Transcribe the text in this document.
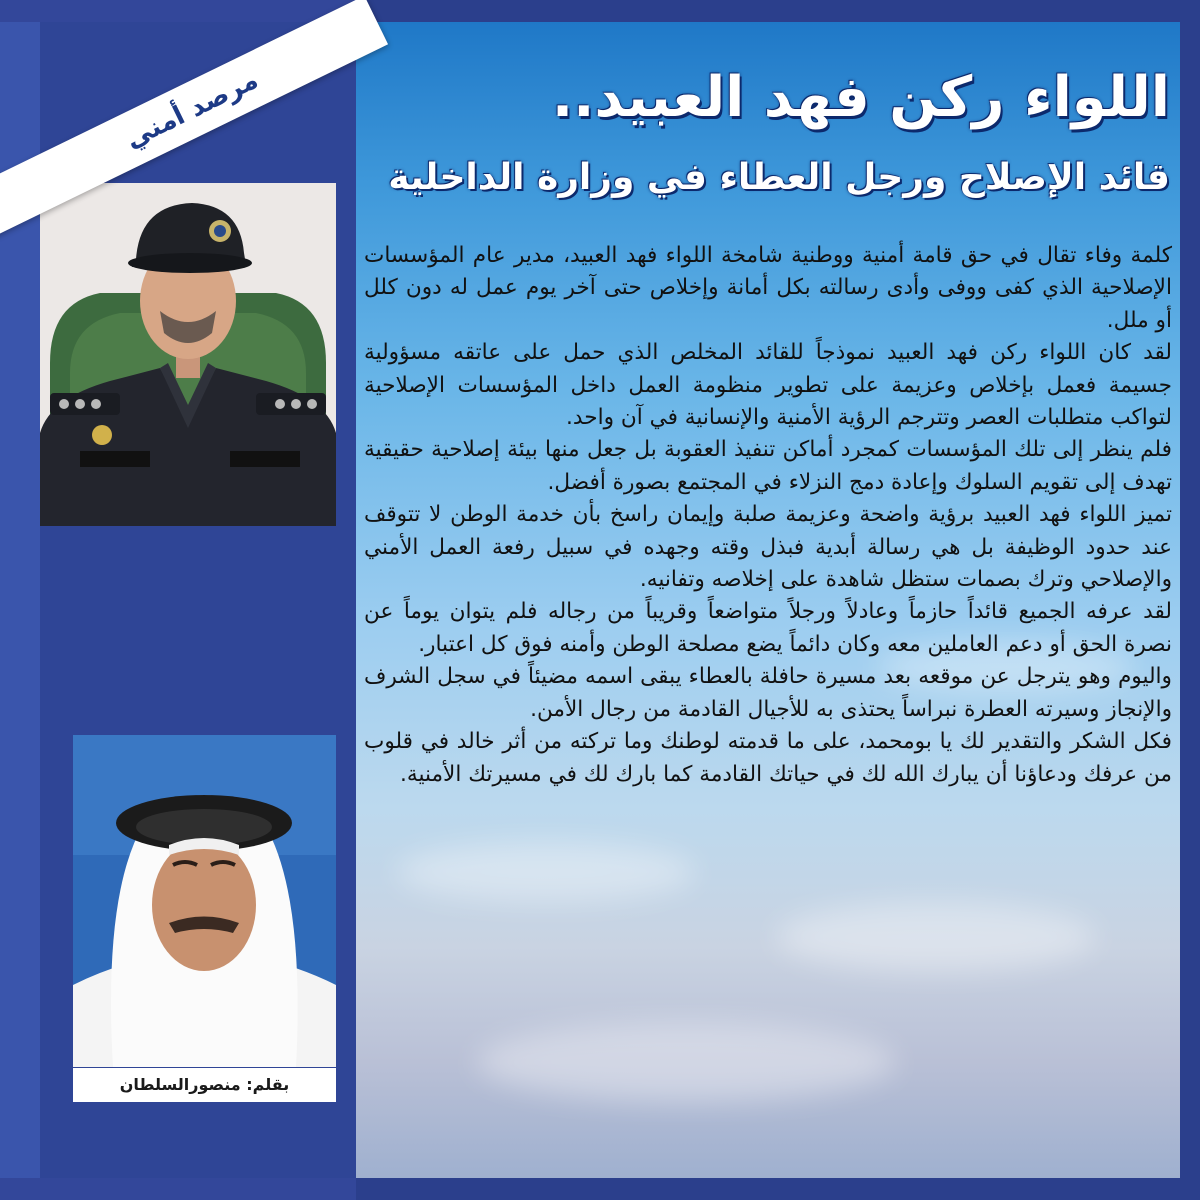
بقلم: منصورالسلطان
مرصد أمني	اللواء ركن فهد العبيد..
قائد الإصلاح ورجل العطاء في وزارة الداخلية

كلمة وفاء تقال في حق قامة أمنية ووطنية شامخة اللواء فهد العبيد، مدير عام المؤسسات الإصلاحية الذي كفى ووفى وأدى رسالته بكل أمانة وإخلاص حتى آخر يوم عمل له دون كلل أو ملل.

لقد كان اللواء ركن فهد العبيد نموذجاً للقائد المخلص الذي حمل على عاتقه مسؤولية جسيمة فعمل بإخلاص وعزيمة على تطوير منظومة العمل داخل المؤسسات الإصلاحية لتواكب متطلبات العصر وتترجم الرؤية الأمنية والإنسانية في آن واحد.

فلم ينظر إلى تلك المؤسسات كمجرد أماكن تنفيذ العقوبة بل جعل منها بيئة إصلاحية حقيقية تهدف إلى تقويم السلوك وإعادة دمج النزلاء في المجتمع بصورة أفضل.

تميز اللواء فهد العبيد برؤية واضحة وعزيمة صلبة وإيمان راسخ بأن خدمة الوطن لا تتوقف عند حدود الوظيفة بل هي رسالة أبدية فبذل وقته وجهده في سبيل رفعة العمل الأمني والإصلاحي وترك بصمات ستظل شاهدة على إخلاصه وتفانيه.

لقد عرفه الجميع قائداً حازماً وعادلاً ورجلاً متواضعاً وقريباً من رجاله فلم يتوان يوماً عن نصرة الحق أو دعم العاملين معه وكان دائماً يضع مصلحة الوطن وأمنه فوق كل اعتبار.

واليوم وهو يترجل عن موقعه بعد مسيرة حافلة بالعطاء يبقى اسمه مضيئاً في سجل الشرف والإنجاز وسيرته العطرة نبراساً يحتذى به للأجيال القادمة من رجال الأمن.

فكل الشكر والتقدير لك يا بومحمد، على ما قدمته لوطنك وما تركته من أثر خالد في قلوب من عرفك ودعاؤنا أن يبارك الله لك في حياتك القادمة كما بارك لك في مسيرتك الأمنية.
